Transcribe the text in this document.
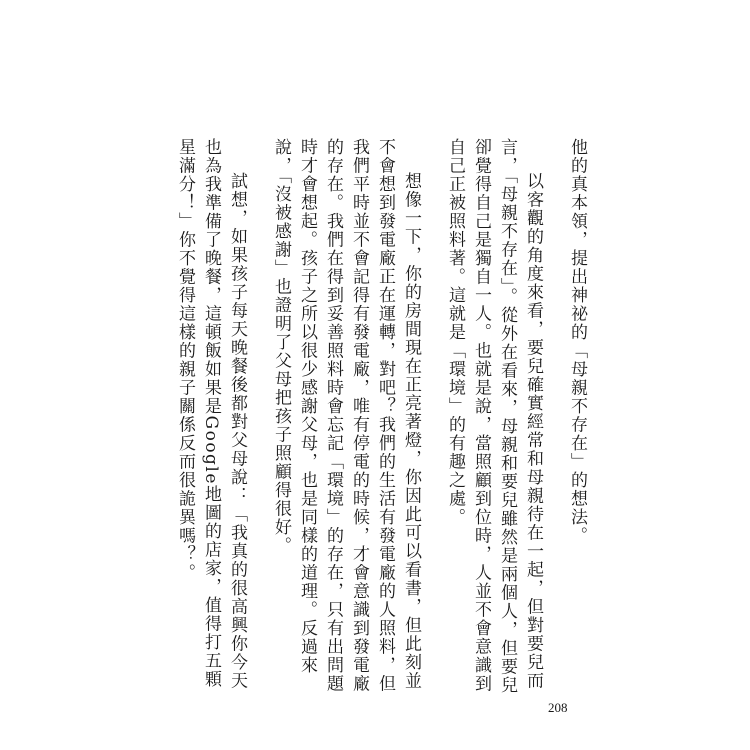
他的真本領，提出神祕的「母親不存在」的想法。

以客觀的角度來看，要兒確實經常和母親待在一起，但對要兒而言，「母親不存在」。從外在看來，母親和要兒雖然是兩個人，但要兒卻覺得自己是獨自一人。也就是說，當照顧到位時，人並不會意識到自己正被照料著。這就是「環境」的有趣之處。

想像一下，你的房間現在正亮著燈，你因此可以看書，但此刻並不會想到發電廠正在運轉，對吧？我們的生活有發電廠的人照料，但我們平時並不會記得有發電廠，唯有停電的時候，才會意識到發電廠的存在。我們在得到妥善照料時會忘記「環境」的存在，只有出問題時才會想起。孩子之所以很少感謝父母，也是同樣的道理。反過來說，「沒被感謝」也證明了父母把孩子照顧得很好。

試想，如果孩子每天晚餐後都對父母說：「我真的很高興你今天也為我準備了晚餐，這頓飯如果是Google地圖的店家，值得打五顆星滿分！」你不覺得這樣的親子關係反而很詭異嗎？。

208
